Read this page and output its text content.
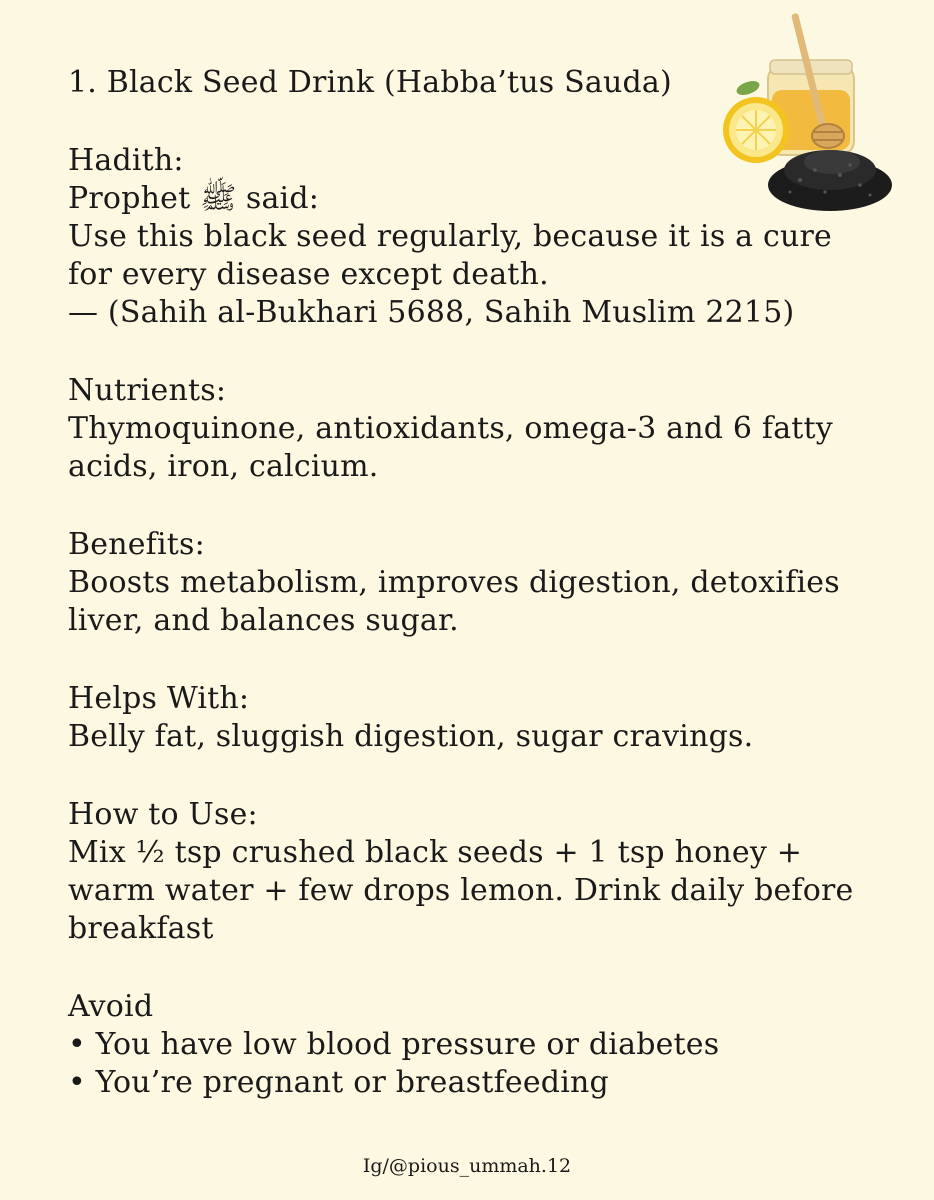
1. Black Seed Drink (Habba’tus Sauda)
Hadith:
Prophet ﷺ said:
Use this black seed regularly, because it is a cure
for every disease except death.
— (Sahih al-Bukhari 5688, Sahih Muslim 2215)
Nutrients:
Thymoquinone, antioxidants, omega-3 and 6 fatty
acids, iron, calcium.
Benefits:
Boosts metabolism, improves digestion, detoxifies
liver, and balances sugar.
Helps With:
Belly fat, sluggish digestion, sugar cravings.
How to Use:
Mix ½ tsp crushed black seeds + 1 tsp honey +
warm water + few drops lemon. Drink daily before
breakfast
Avoid
• You have low blood pressure or diabetes
• You’re pregnant or breastfeeding
Ig/@pious_ummah.12
